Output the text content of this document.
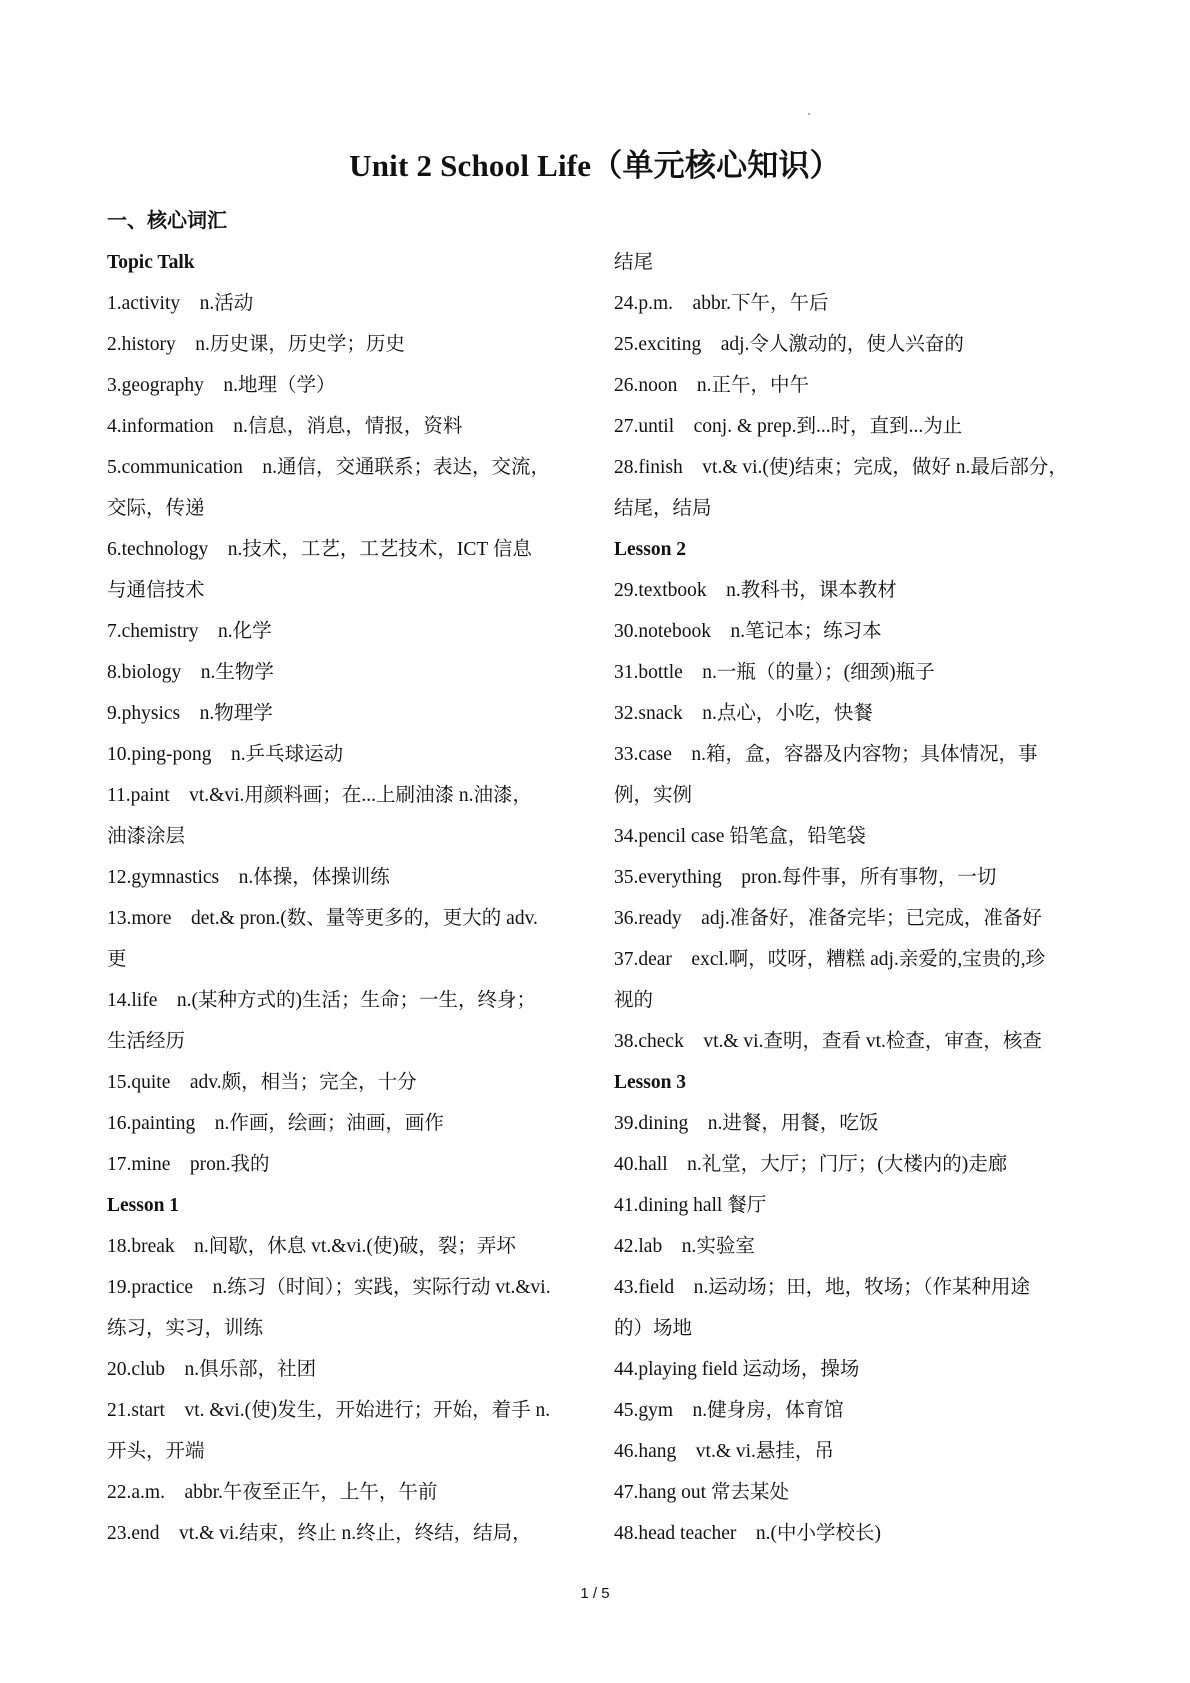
Unit 2 School Life（单元核心知识）
一、核心词汇
Topic Talk
1.activity　n.活动
2.history　n.历史课，历史学；历史
3.geography　n.地理（学）
4.information　n.信息，消息，情报，资料
5.communication　n.通信，交通联系；表达，交流，
交际，传递
6.technology　n.技术，工艺，工艺技术，ICT 信息
与通信技术
7.chemistry　n.化学
8.biology　n.生物学
9.physics　n.物理学
10.ping-pong　n.乒乓球运动
11.paint　vt.&vi.用颜料画；在...上刷油漆 n.油漆，
油漆涂层
12.gymnastics　n.体操，体操训练
13.more　det.& pron.(数、量等更多的，更大的 adv.
更
14.life　n.(某种方式的)生活；生命；一生，终身；
生活经历
15.quite　adv.颇，相当；完全，十分
16.painting　n.作画，绘画；油画，画作
17.mine　pron.我的
Lesson 1
18.break　n.间歇，休息 vt.&vi.(使)破，裂；弄坏
19.practice　n.练习（时间）；实践，实际行动 vt.&vi.
练习，实习，训练
20.club　n.俱乐部，社团
21.start　vt. &vi.(使)发生，开始进行；开始，着手 n.
开头，开端
22.a.m.　abbr.午夜至正午，上午，午前
23.end　vt.& vi.结束，终止 n.终止，终结，结局，
结尾
24.p.m.　abbr.下午，午后
25.exciting　adj.令人激动的，使人兴奋的
26.noon　n.正午，中午
27.until　conj. & prep.到...时，直到...为止
28.finish　vt.& vi.(使)结束；完成，做好 n.最后部分，
结尾，结局
Lesson 2
29.textbook　n.教科书，课本教材
30.notebook　n.笔记本；练习本
31.bottle　n.一瓶（的量）；(细颈)瓶子
32.snack　n.点心，小吃，快餐
33.case　n.箱，盒，容器及内容物；具体情况，事
例，实例
34.pencil case 铅笔盒，铅笔袋
35.everything　pron.每件事，所有事物，一切
36.ready　adj.准备好，准备完毕；已完成，准备好
37.dear　excl.啊，哎呀，糟糕 adj.亲爱的,宝贵的,珍
视的
38.check　vt.& vi.查明，查看 vt.检查，审查，核查
Lesson 3
39.dining　n.进餐，用餐，吃饭
40.hall　n.礼堂，大厅；门厅；(大楼内的)走廊
41.dining hall 餐厅
42.lab　n.实验室
43.field　n.运动场；田，地，牧场；（作某种用途
的）场地
44.playing field 运动场，操场
45.gym　n.健身房，体育馆
46.hang　vt.& vi.悬挂，吊
47.hang out 常去某处
48.head teacher　n.(中小学校长)
1 / 5
